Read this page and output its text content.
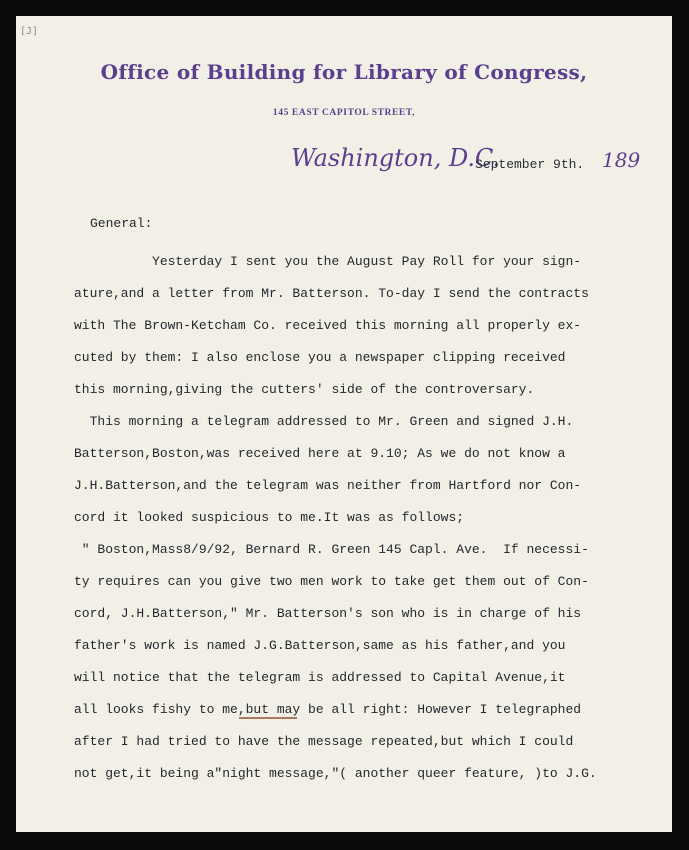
[J]
Office of Building for Library of Congress,
145 EAST CAPITOL STREET,
Washington, D.C.
September 9th. 189
General:
Yesterday I sent you the August Pay Roll for your sign-
ature,and a letter from Mr. Batterson. To-day I send the contracts
with The Brown-Ketcham Co. received this morning all properly ex-
cuted by them: I also enclose you a newspaper clipping received
this morning,giving the cutters' side of the controversary.
This morning a telegram addressed to Mr. Green and signed J.H.
Batterson,Boston,was received here at 9.10; As we do not know a
J.H.Batterson,and the telegram was neither from Hartford nor Con-
cord it looked suspicious to me.It was as follows;
" Boston,Mass8/9/92, Bernard R. Green 145 Capl. Ave.  If necessi-
ty requires can you give two men work to take get them out of Con-
cord, J.H.Batterson," Mr. Batterson's son who is in charge of his
father's work is named J.G.Batterson,same as his father,and you
will notice that the telegram is addressed to Capital Avenue,it
all looks fishy to me,but may be all right: However I telegraphed
after I had tried to have the message repeated,but which I could
not get,it being a"night message,"( another queer feature, )to J.G.
